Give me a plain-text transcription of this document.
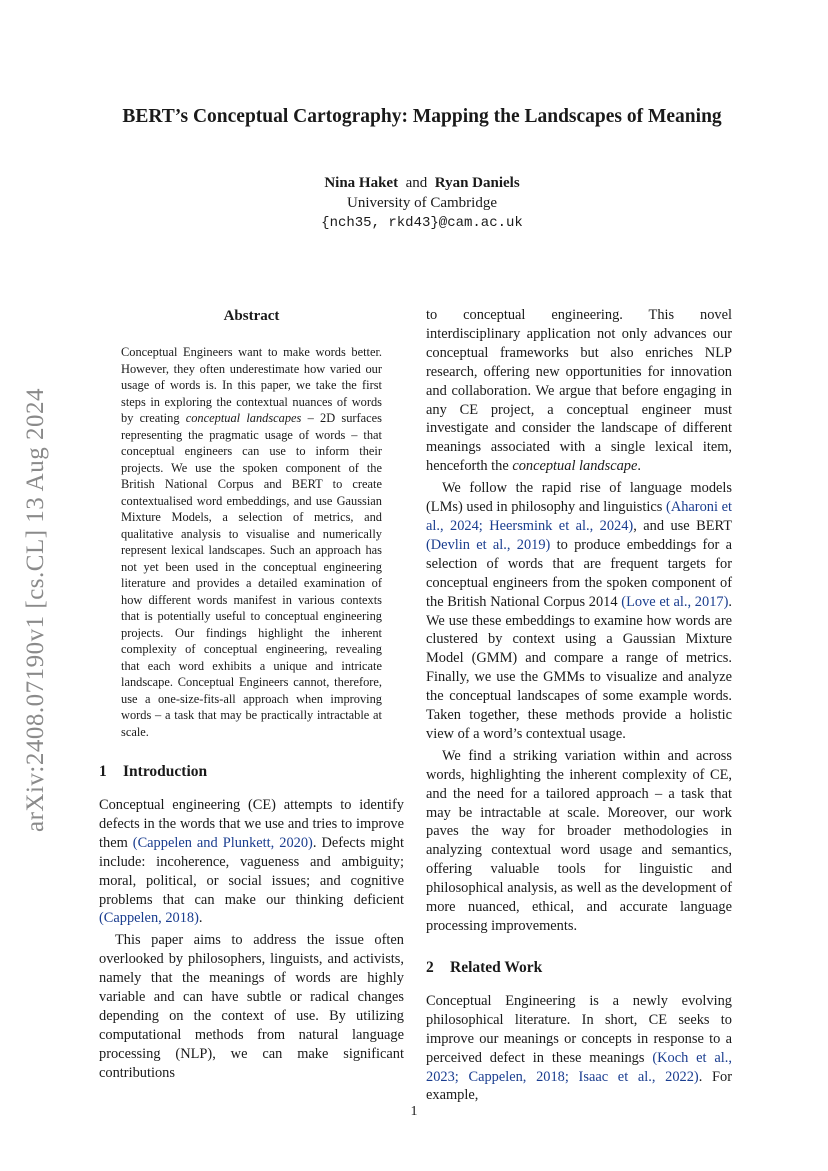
arXiv:2408.07190v1 [cs.CL] 13 Aug 2024
BERT’s Conceptual Cartography: Mapping the Landscapes of Meaning
Nina Haket and Ryan Daniels
University of Cambridge
{nch35, rkd43}@cam.ac.uk
Abstract
Conceptual Engineers want to make words better. However, they often underestimate how varied our usage of words is. In this paper, we take the first steps in exploring the contextual nuances of words by creating conceptual landscapes – 2D surfaces representing the pragmatic usage of words – that conceptual engineers can use to inform their projects. We use the spoken component of the British National Corpus and BERT to create contextualised word embeddings, and use Gaussian Mixture Models, a selection of metrics, and qualitative analysis to visualise and numerically represent lexical landscapes. Such an approach has not yet been used in the conceptual engineering literature and provides a detailed examination of how different words manifest in various contexts that is potentially useful to conceptual engineering projects. Our findings highlight the inherent complexity of conceptual engineering, revealing that each word exhibits a unique and intricate landscape. Conceptual Engineers cannot, therefore, use a one-size-fits-all approach when improving words – a task that may be practically intractable at scale.
1 Introduction

Conceptual engineering (CE) attempts to identify defects in the words that we use and tries to improve them (Cappelen and Plunkett, 2020). Defects might include: incoherence, vagueness and ambiguity; moral, political, or social issues; and cognitive problems that can make our thinking deficient (Cappelen, 2018).

This paper aims to address the issue often overlooked by philosophers, linguists, and activists, namely that the meanings of words are highly variable and can have subtle or radical changes depending on the context of use. By utilizing computational methods from natural language processing (NLP), we can make significant contributions

to conceptual engineering. This novel interdisciplinary application not only advances our conceptual frameworks but also enriches NLP research, offering new opportunities for innovation and collaboration. We argue that before engaging in any CE project, a conceptual engineer must investigate and consider the landscape of different meanings associated with a single lexical item, henceforth the conceptual landscape.

We follow the rapid rise of language models (LMs) used in philosophy and linguistics (Aharoni et al., 2024; Heersmink et al., 2024), and use BERT (Devlin et al., 2019) to produce embeddings for a selection of words that are frequent targets for conceptual engineers from the spoken component of the British National Corpus 2014 (Love et al., 2017). We use these embeddings to examine how words are clustered by context using a Gaussian Mixture Model (GMM) and compare a range of metrics. Finally, we use the GMMs to visualize and analyze the conceptual landscapes of some example words. Taken together, these methods provide a holistic view of a word’s contextual usage.

We find a striking variation within and across words, highlighting the inherent complexity of CE, and the need for a tailored approach – a task that may be intractable at scale. Moreover, our work paves the way for broader methodologies in analyzing contextual word usage and semantics, offering valuable tools for linguistic and philosophical analysis, as well as the development of more nuanced, ethical, and accurate language processing improvements.

2 Related Work

Conceptual Engineering is a newly evolving philosophical literature. In short, CE seeks to improve our meanings or concepts in response to a perceived defect in these meanings (Koch et al., 2023; Cappelen, 2018; Isaac et al., 2022). For example,

1
